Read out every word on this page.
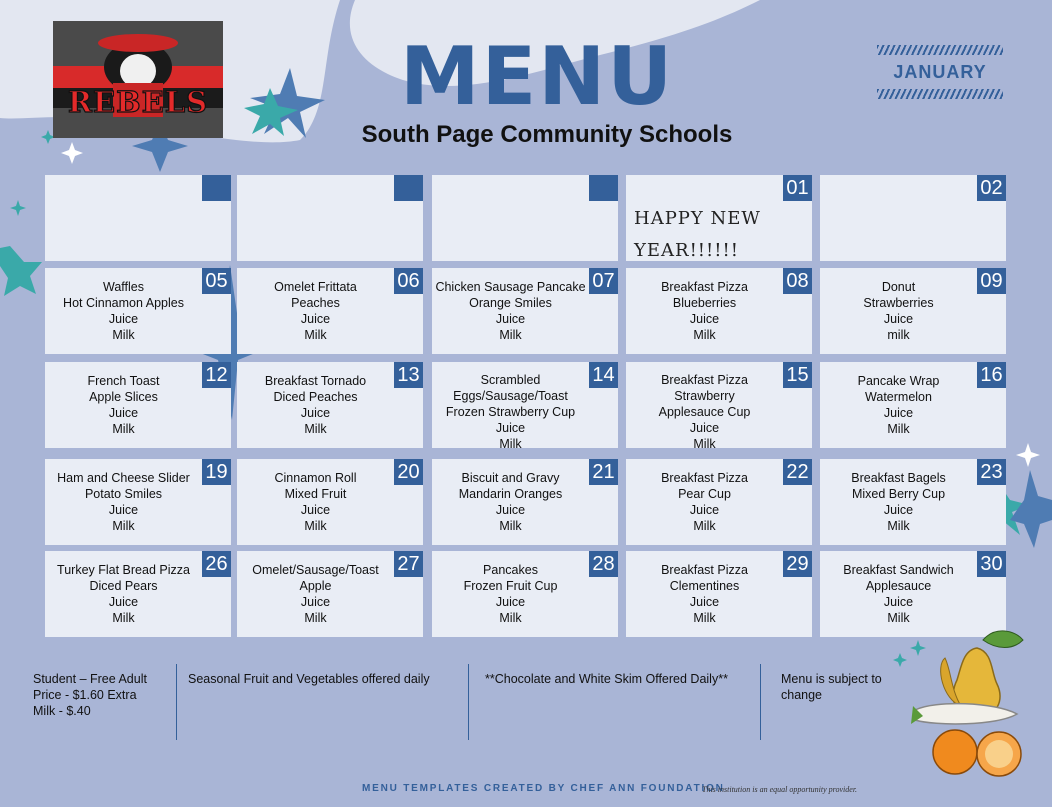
REBELS MENU
South Page Community Schools
JANUARY
01
HAPPY NEW YEAR!!!!!!
02
05
Waffles
Hot Cinnamon Apples
Juice
Milk
06
Omelet Frittata
Peaches
Juice
Milk
07
Chicken Sausage Pancake
Orange Smiles
Juice
Milk
08
Breakfast Pizza
Blueberries
Juice
Milk
09
Donut
Strawberries
Juice
milk
12
French Toast
Apple Slices
Juice
Milk
13
Breakfast Tornado
Diced Peaches
Juice
Milk
14
Scrambled
Eggs/Sausage/Toast
Frozen Strawberry Cup
Juice
Milk
15
Breakfast Pizza
Strawberry
Applesauce Cup
Juice
Milk
16
Pancake Wrap
Watermelon
Juice
Milk
19
Ham and Cheese Slider
Potato Smiles
Juice
Milk
20
Cinnamon Roll
Mixed Fruit
Juice
Milk
21
Biscuit and Gravy
Mandarin Oranges
Juice
Milk
22
Breakfast Pizza
Pear Cup
Juice
Milk
23
Breakfast Bagels
Mixed Berry Cup
Juice
Milk
26
Turkey Flat Bread Pizza
Diced Pears
Juice
Milk
27
Omelet/Sausage/Toast
Apple
Juice
Milk
28
Pancakes
Frozen Fruit Cup
Juice
Milk
29
Breakfast Pizza
Clementines
Juice
Milk
30
Breakfast Sandwich
Applesauce
Juice
Milk
Student – Free Adult
Price - $1.60 Extra
Milk - $.40
Seasonal Fruit and Vegetables offered daily	**Chocolate and White Skim Offered Daily**	Menu is subject to
change
MENU TEMPLATES CREATED BY CHEF ANN FOUNDATION
This institution is an equal opportunity provider.
